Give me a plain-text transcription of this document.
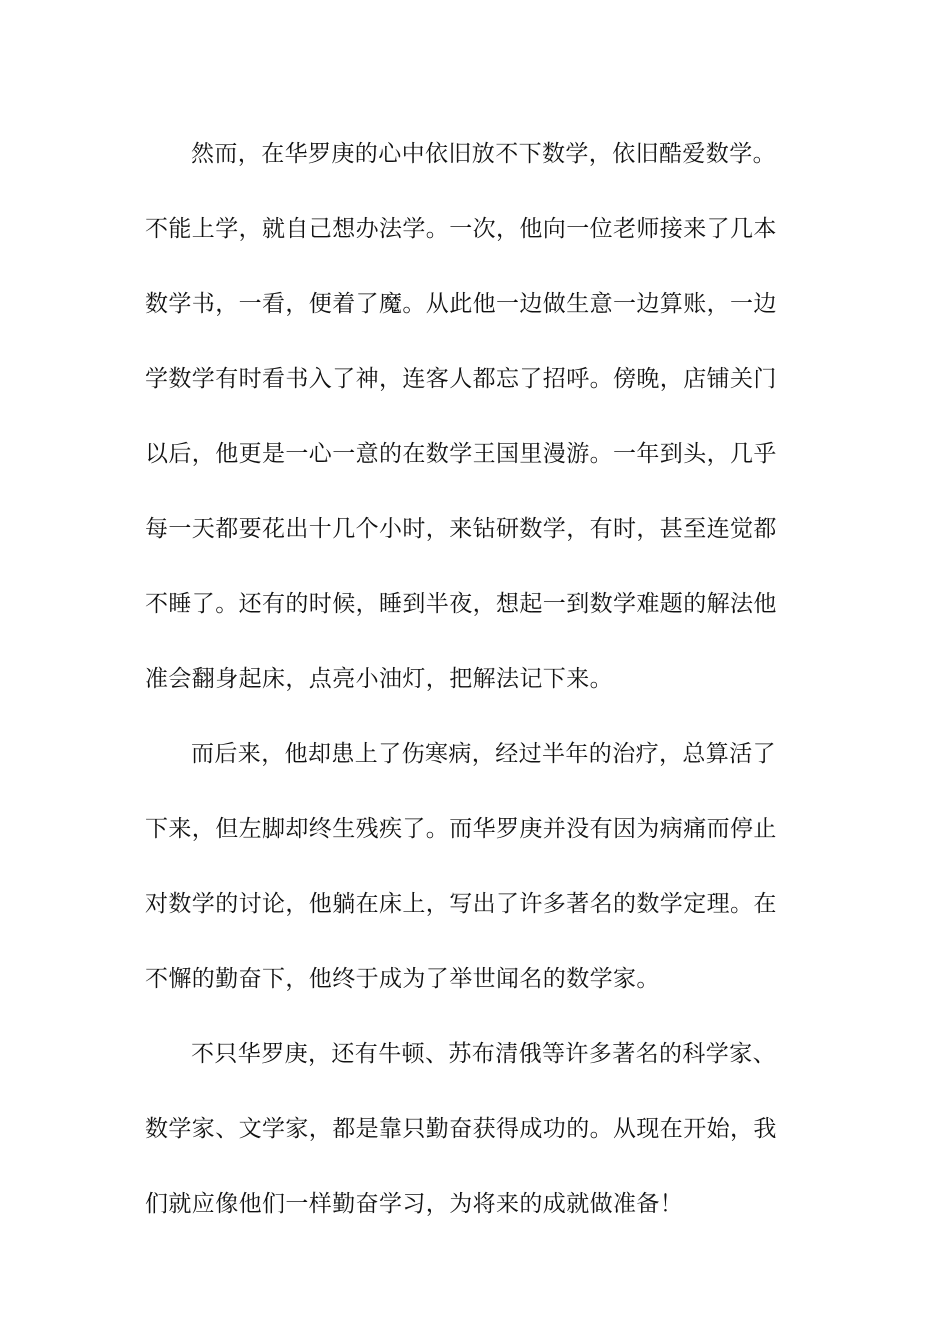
然而，在华罗庚的心中依旧放不下数学，依旧酷爱数学。
不能上学，就自己想办法学。一次，他向一位老师接来了几本
数学书，一看，便着了魔。从此他一边做生意一边算账，一边
学数学有时看书入了神，连客人都忘了招呼。傍晚，店铺关门
以后，他更是一心一意的在数学王国里漫游。一年到头，几乎
每一天都要花出十几个小时，来钻研数学，有时，甚至连觉都
不睡了。还有的时候，睡到半夜，想起一到数学难题的解法他
准会翻身起床，点亮小油灯，把解法记下来。
而后来，他却患上了伤寒病，经过半年的治疗，总算活了
下来，但左脚却终生残疾了。而华罗庚并没有因为病痛而停止
对数学的讨论，他躺在床上，写出了许多著名的数学定理。在
不懈的勤奋下，他终于成为了举世闻名的数学家。
不只华罗庚，还有牛顿、苏布清俄等许多著名的科学家、
数学家、文学家，都是靠只勤奋获得成功的。从现在开始，我
们就应像他们一样勤奋学习，为将来的成就做准备！
